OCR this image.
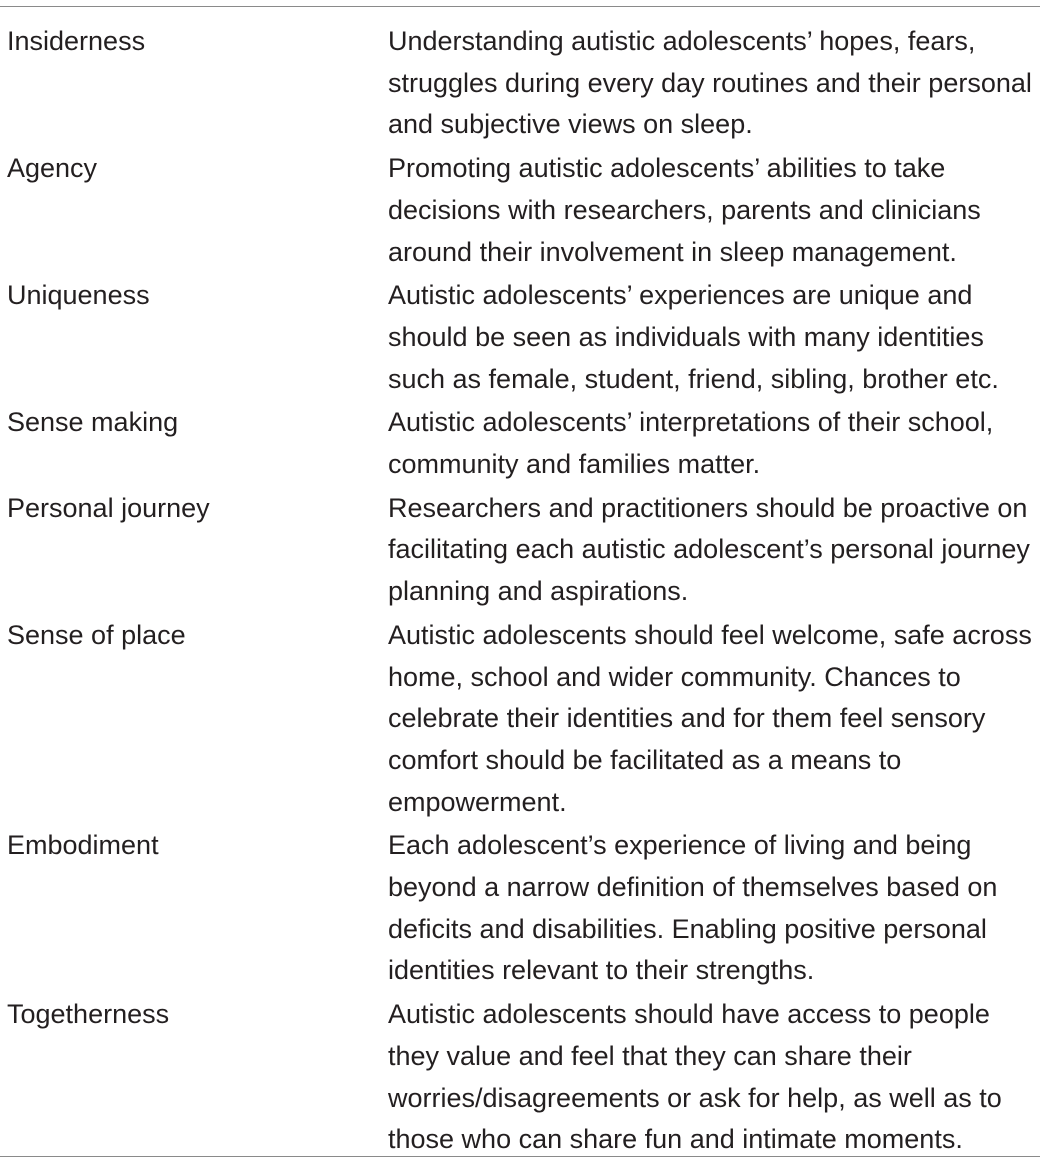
Insiderness	Understanding autistic adolescents’ hopes, fears, struggles during every day routines and their personal and subjective views on sleep.
Agency	Promoting autistic adolescents’ abilities to take decisions with researchers, parents and clinicians around their involvement in sleep management.
Uniqueness	Autistic adolescents’ experiences are unique and should be seen as individuals with many identities such as female, student, friend, sibling, brother etc.
Sense making	Autistic adolescents’ interpretations of their school, community and families matter.
Personal journey	Researchers and practitioners should be proactive on facilitating each autistic adolescent’s personal journey planning and aspirations.
Sense of place	Autistic adolescents should feel welcome, safe across home, school and wider community. Chances to celebrate their identities and for them feel sensory comfort should be facilitated as a means to empowerment.
Embodiment	Each adolescent’s experience of living and being beyond a narrow definition of themselves based on deficits and disabilities. Enabling positive personal identities relevant to their strengths.
Togetherness	Autistic adolescents should have access to people they value and feel that they can share their worries/disagreements or ask for help, as well as to those who can share fun and intimate moments.
